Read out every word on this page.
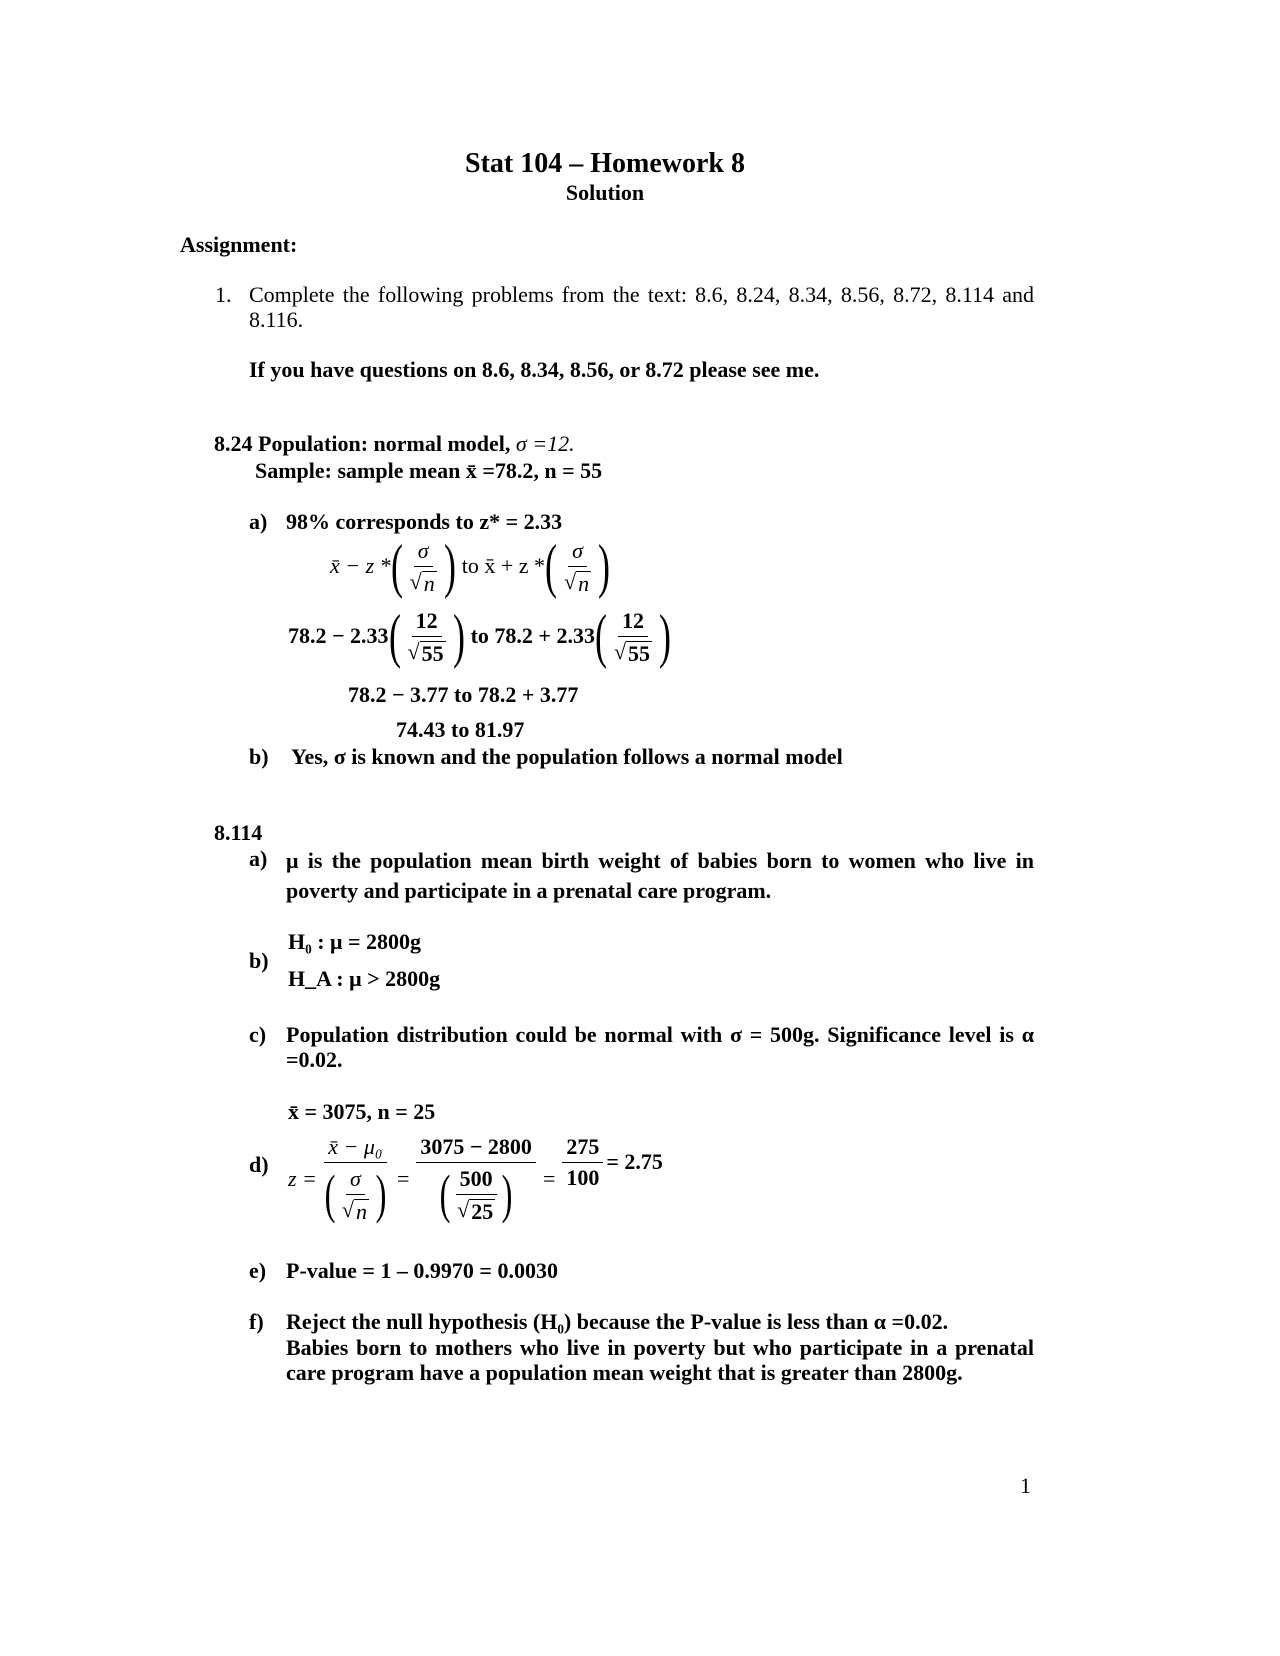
Stat 104 – Homework 8
Solution
Assignment:
1. Complete the following problems from the text: 8.6, 8.24, 8.34, 8.56, 8.72, 8.114 and 8.116.
If you have questions on 8.6, 8.34, 8.56, or 8.72 please see me.
8.24 Population: normal model, σ =12.
Sample: sample mean x̄ =78.2, n = 55
a) 98% corresponds to z* = 2.33
x̄ − z * ( $\frac{\sigma}{√ n}$ ) to x̄ + z * ( $\frac{\sigma}{√ n}$ )
78.2 − 2.33 ( $\frac{12}{√ 55}$ ) to 78.2 + 2.33 ( $\frac{12}{√ 55}$ )
78.2 − 3.77 to 78.2 + 3.77
74.43 to 81.97
b) Yes, σ is known and the population follows a normal model
8.114
a) μ is the population mean birth weight of babies born to women who live in poverty and participate in a prenatal care program.
b)
H₀ : μ = 2800g
H_A : μ > 2800g
c) Population distribution could be normal with σ = 500g. Significance level is α =0.02.
x̄ = 3075, n = 25
d)
$z = \frac{\text{x̄ − μ₀}}{( \frac{\sigma}{√ n} )} = \frac{3075 - 2800}{( \frac{500}{√ 25} )} = \frac{275}{100} = 2.75$
e) P-value = 1 – 0.9970 = 0.0030
f) Reject the null hypothesis (H₀) because the P-value is less than α =0.02.
Babies born to mothers who live in poverty but who participate in a prenatal care program have a population mean weight that is greater than 2800g.
1
